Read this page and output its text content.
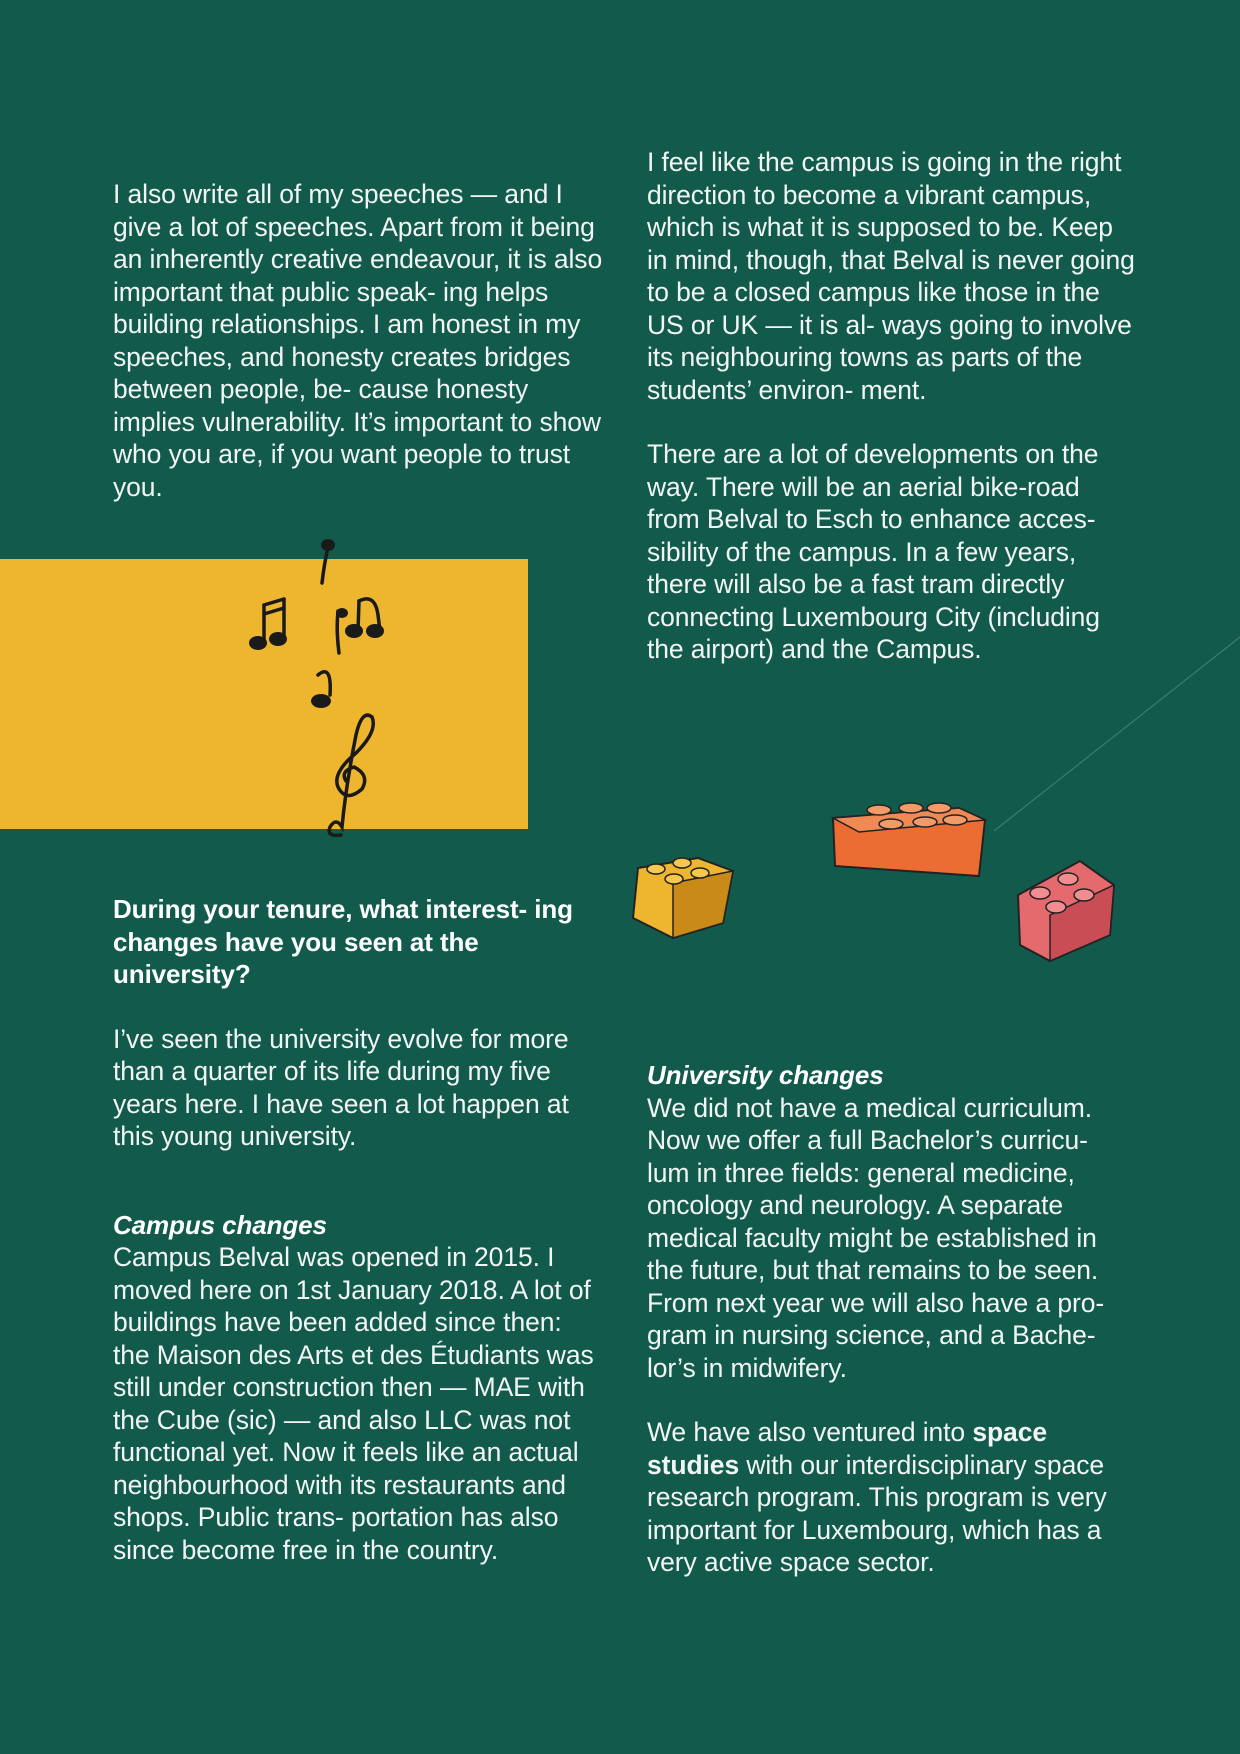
I also write all of my speeches — and I give a lot of speeches. Apart from it being an inherently creative endeavour, it is also important that public speak- ing helps building relationships. I am honest in my speeches, and honesty creates bridges between people, be- cause honesty implies vulnerability. It’s important to show who you are, if you want people to trust you.

During your tenure, what interest- ing changes have you seen at the university?

I’ve seen the university evolve for more than a quarter of its life during my five years here. I have seen a lot happen at this young university.

Campus changes

Campus Belval was opened in 2015. I moved here on 1st January 2018. A lot of buildings have been added since then: the Maison des Arts et des Étudiants was still under construction then — MAE with the Cube (sic) — and also LLC was not functional yet. Now it feels like an actual neighbourhood with its restaurants and shops. Public trans- portation has also since become free in the country.

I feel like the campus is going in the right direction to become a vibrant campus, which is what it is supposed to be. Keep in mind, though, that Belval is never going to be a closed campus like those in the US or UK — it is al- ways going to involve its neighbouring towns as parts of the students’ environ- ment.

There are a lot of developments on the way. There will be an aerial bike-road from Belval to Esch to enhance acces- sibility of the campus. In a few years, there will also be a fast tram directly connecting Luxembourg City (including the airport) and the Campus.

University changes

We did not have a medical curriculum. Now we offer a full Bachelor’s curricu- lum in three fields: general medicine, oncology and neurology. A separate medical faculty might be established in the future, but that remains to be seen. From next year we will also have a pro- gram in nursing science, and a Bache- lor’s in midwifery.

We have also ventured into space studies with our interdisciplinary space research program. This program is very important for Luxembourg, which has a very active space sector.
